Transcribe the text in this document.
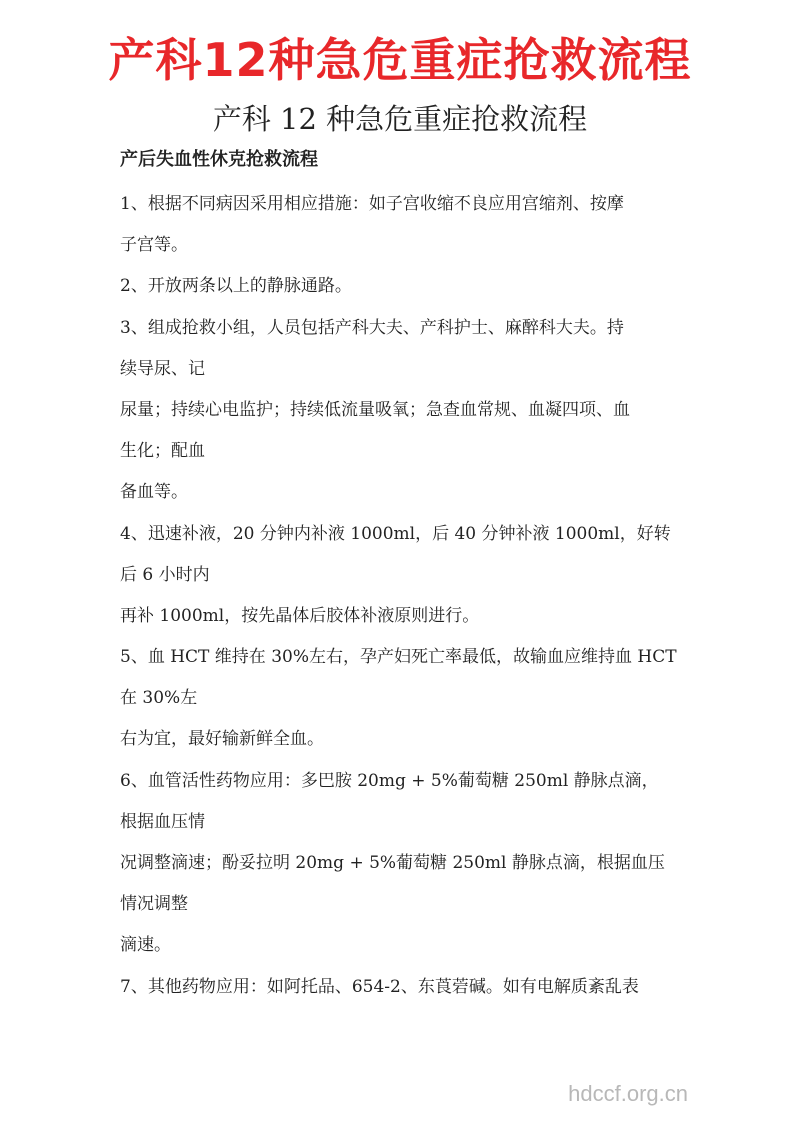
产科12种急危重症抢救流程
产科 12 种急危重症抢救流程
产后失血性休克抢救流程
1、根据不同病因采用相应措施：如子宫收缩不良应用宫缩剂、按摩
子宫等。
2、开放两条以上的静脉通路。
3、组成抢救小组，人员包括产科大夫、产科护士、麻醉科大夫。持
续导尿、记
尿量；持续心电监护；持续低流量吸氧；急查血常规、血凝四项、血
生化；配血
备血等。
4、迅速补液，20 分钟内补液 1000ml，后 40 分钟补液 1000ml，好转
后 6 小时内
再补 1000ml，按先晶体后胶体补液原则进行。
5、血 HCT 维持在 30%左右，孕产妇死亡率最低，故输血应维持血 HCT
在 30%左
右为宜，最好输新鲜全血。
6、血管活性药物应用：多巴胺 20mg + 5%葡萄糖 250ml 静脉点滴，
根据血压情
况调整滴速；酚妥拉明 20mg + 5%葡萄糖 250ml 静脉点滴，根据血压
情况调整
滴速。
7、其他药物应用：如阿托品、654-2、东莨菪碱。如有电解质紊乱表
hdccf.org.cn
